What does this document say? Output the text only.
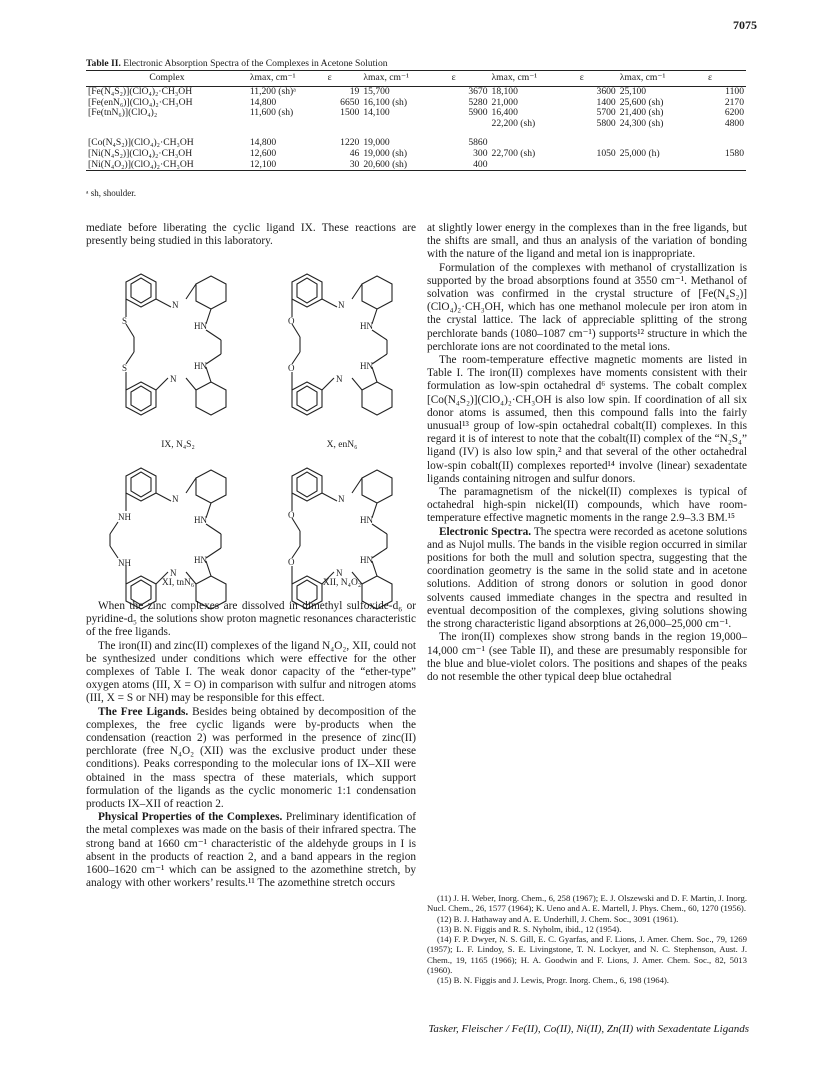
7075
Table II. Electronic Absorption Spectra of the Complexes in Acetone Solution
Complex	λmax, cm⁻¹	ε	λmax, cm⁻¹	ε	λmax, cm⁻¹	ε	λmax, cm⁻¹	ε
[Fe(N₄S₂)](ClO₄)₂·CH₃OH	11,200 (sh)ᵃ	19	15,700	3670	18,100	3600	25,100	1100
[Fe(enN₆)](ClO₄)₂·CH₃OH	14,800	6650	16,100 (sh)	5280	21,000	1400	25,600 (sh)	2170
[Fe(tnN₆)](ClO₄)₂	11,600 (sh)	1500	14,100	5900	16,400	5700	21,400 (sh)	6200
					22,200 (sh)	5800	24,300 (sh)	4800

[Co(N₄S₂)](ClO₄)₂·CH₃OH	14,800	1220	19,000	5860				
[Ni(N₄S₂)](ClO₄)₂·CH₃OH	12,600	46	19,000 (sh)	300	22,700 (sh)	1050	25,000 (h)	1580
[Ni(N₄O₂)](ClO₄)₂·CH₃OH	12,100	30	20,600 (sh)	400				
ᵃ sh, shoulder.

mediate before liberating the cyclic ligand IX. These reactions are presently being studied in this laboratory.

N
S
S
HN
HN
N
IX, N₄S₂
N
O
O
HN
HN
N
X, enN₆
N
NH
NH
HN
HN
N
XI, tnN₆
N
O
O
HN
HN
N
XII, N₄O₂

When the zinc complexes are dissolved in dimethyl sulfoxide-d₆ or pyridine-d₅ the solutions show proton magnetic resonances characteristic of the free ligands.

The iron(II) and zinc(II) complexes of the ligand N₄O₂, XII, could not be synthesized under conditions which were effective for the other complexes of Table I. The weak donor capacity of the “ether-type” oxygen atoms (III, X = O) in comparison with sulfur and nitrogen atoms (III, X = S or NH) may be responsible for this effect.

The Free Ligands. Besides being obtained by decomposition of the complexes, the free cyclic ligands were by-products when the condensation (reaction 2) was performed in the presence of zinc(II) perchlorate (free N₄O₂ (XII) was the exclusive product under these conditions). Peaks corresponding to the molecular ions of IX–XII were obtained in the mass spectra of these materials, which support formulation of the ligands as the cyclic monomeric 1:1 condensation products IX–XII of reaction 2.

Physical Properties of the Complexes. Preliminary identification of the metal complexes was made on the basis of their infrared spectra. The strong band at 1660 cm⁻¹ characteristic of the aldehyde groups in I is absent in the products of reaction 2, and a band appears in the region 1600–1620 cm⁻¹ which can be assigned to the azomethine stretch, by analogy with other workers’ results.¹¹ The azomethine stretch occurs

at slightly lower energy in the complexes than in the free ligands, but the shifts are small, and thus an analysis of the variation of bonding with the nature of the ligand and metal ion is inappropriate.

Formulation of the complexes with methanol of crystallization is supported by the broad absorptions found at 3550 cm⁻¹. Methanol of solvation was confirmed in the crystal structure of [Fe(N₄S₂)](ClO₄)₂·CH₃OH, which has one methanol molecule per iron atom in the crystal lattice. The lack of appreciable splitting of the strong perchlorate bands (1080–1087 cm⁻¹) supports¹² structure in which the perchlorate ions are not coordinated to the metal ions.

The room-temperature effective magnetic moments are listed in Table I. The iron(II) complexes have moments consistent with their formulation as low-spin octahedral d⁶ systems. The cobalt complex [Co(N₄S₂)](ClO₄)₂·CH₃OH is also low spin. If coordination of all six donor atoms is assumed, then this compound falls into the fairly unusual¹³ group of low-spin octahedral cobalt(II) complexes. In this regard it is of interest to note that the cobalt(II) complex of the “N₂S₄” ligand (IV) is also low spin,² and that several of the other octahedral low-spin cobalt(II) complexes reported¹⁴ involve (linear) sexadentate ligands containing nitrogen and sulfur donors.

The paramagnetism of the nickel(II) complexes is typical of octahedral high-spin nickel(II) compounds, which have room-temperature effective magnetic moments in the range 2.9–3.3 BM.¹⁵

Electronic Spectra. The spectra were recorded as acetone solutions and as Nujol mulls. The bands in the visible region occurred in similar positions for both the mull and solution spectra, suggesting that the coordination geometry is the same in the solid state and in acetone solutions. Addition of strong donors or solution in good donor solvents caused immediate changes in the spectra and resulted in eventual decomposition of the complexes, giving solutions showing the strong characteristic ligand absorptions at 26,000–25,000 cm⁻¹.

The iron(II) complexes show strong bands in the region 19,000–14,000 cm⁻¹ (see Table II), and these are presumably responsible for the blue and blue-violet colors. The positions and shapes of the peaks do not resemble the other typical deep blue octahedral

(11) J. H. Weber, Inorg. Chem., 6, 258 (1967); E. J. Olszewski and D. F. Martin, J. Inorg. Nucl. Chem., 26, 1577 (1964); K. Ueno and A. E. Martell, J. Phys. Chem., 60, 1270 (1956).

(12) B. J. Hathaway and A. E. Underhill, J. Chem. Soc., 3091 (1961).

(13) B. N. Figgis and R. S. Nyholm, ibid., 12 (1954).

(14) F. P. Dwyer, N. S. Gill, E. C. Gyarfas, and F. Lions, J. Amer. Chem. Soc., 79, 1269 (1957); L. F. Lindoy, S. E. Livingstone, T. N. Lockyer, and N. C. Stephenson, Aust. J. Chem., 19, 1165 (1966); H. A. Goodwin and F. Lions, J. Amer. Chem. Soc., 82, 5013 (1960).

(15) B. N. Figgis and J. Lewis, Progr. Inorg. Chem., 6, 198 (1964).

Tasker, Fleischer / Fe(II), Co(II), Ni(II), Zn(II) with Sexadentate Ligands
